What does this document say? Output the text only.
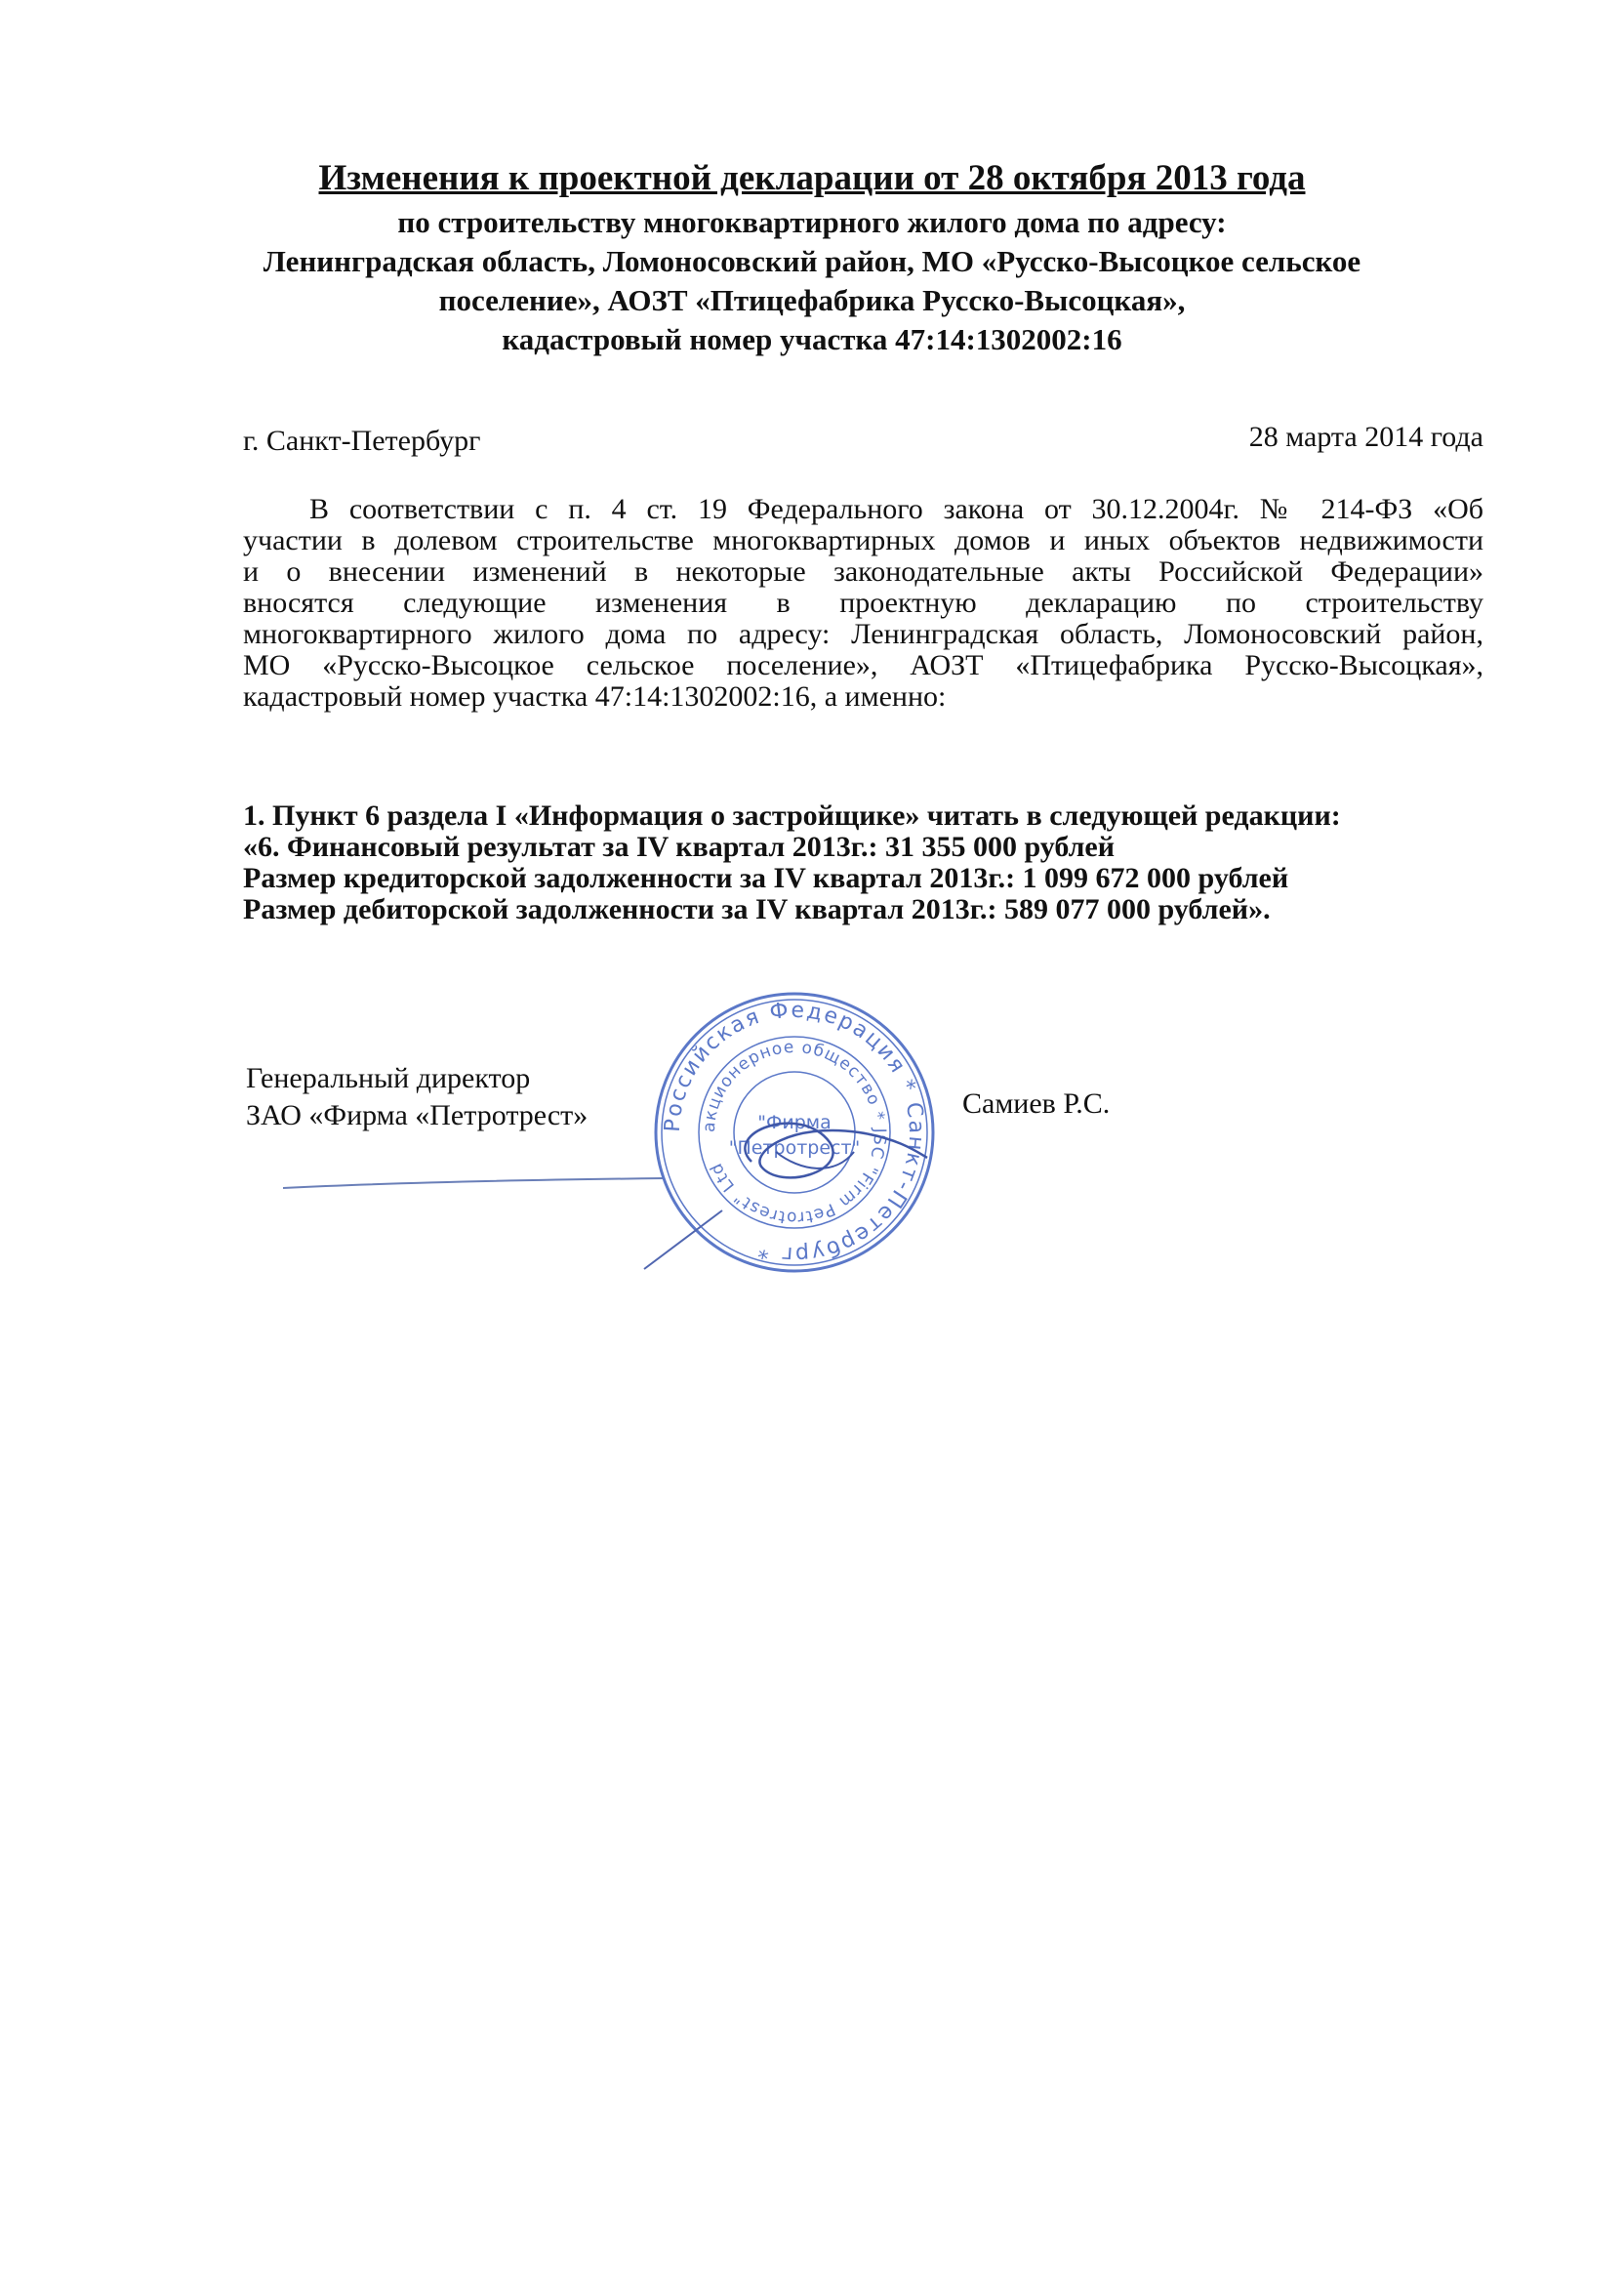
Изменения к проектной декларации от 28 октября 2013 года
по строительству многоквартирного жилого дома по адресу:
Ленинградская область, Ломоносовский район, МО «Русско-Высоцкое сельское
поселение», АОЗТ «Птицефабрика Русско-Высоцкая»,
кадастровый номер участка 47:14:1302002:16
г. Санкт-Петербург	28 марта 2014 года
В соответствии с п. 4 ст. 19 Федерального закона от 30.12.2004г. № 214-ФЗ «Об
участии в долевом строительстве многоквартирных домов и иных объектов недвижимости
и о внесении изменений в некоторые законодательные акты Российской Федерации»
вносятся следующие изменения в проектную декларацию по строительству
многоквартирного жилого дома по адресу: Ленинградская область, Ломоносовский район,
МО «Русско-Высоцкое сельское поселение», АОЗТ «Птицефабрика Русско-Высоцкая»,
кадастровый номер участка 47:14:1302002:16, а именно:
1. Пункт 6 раздела I «Информация о застройщике» читать в следующей редакции:
«6. Финансовый результат за IV квартал 2013г.: 31 355 000 рублей
Размер кредиторской задолженности за IV квартал 2013г.: 1 099 672 000 рублей
Размер дебиторской задолженности за IV квартал 2013г.: 589 077 000 рублей».
Генеральный директор
ЗАО «Фирма «Петротрест»	Самиев Р.С.
Российская Федерация * Санкт-Петербург *
акционерное общество * JSC "Firm Petrotrest" Ltd
"Фирма
"Петротрест"
